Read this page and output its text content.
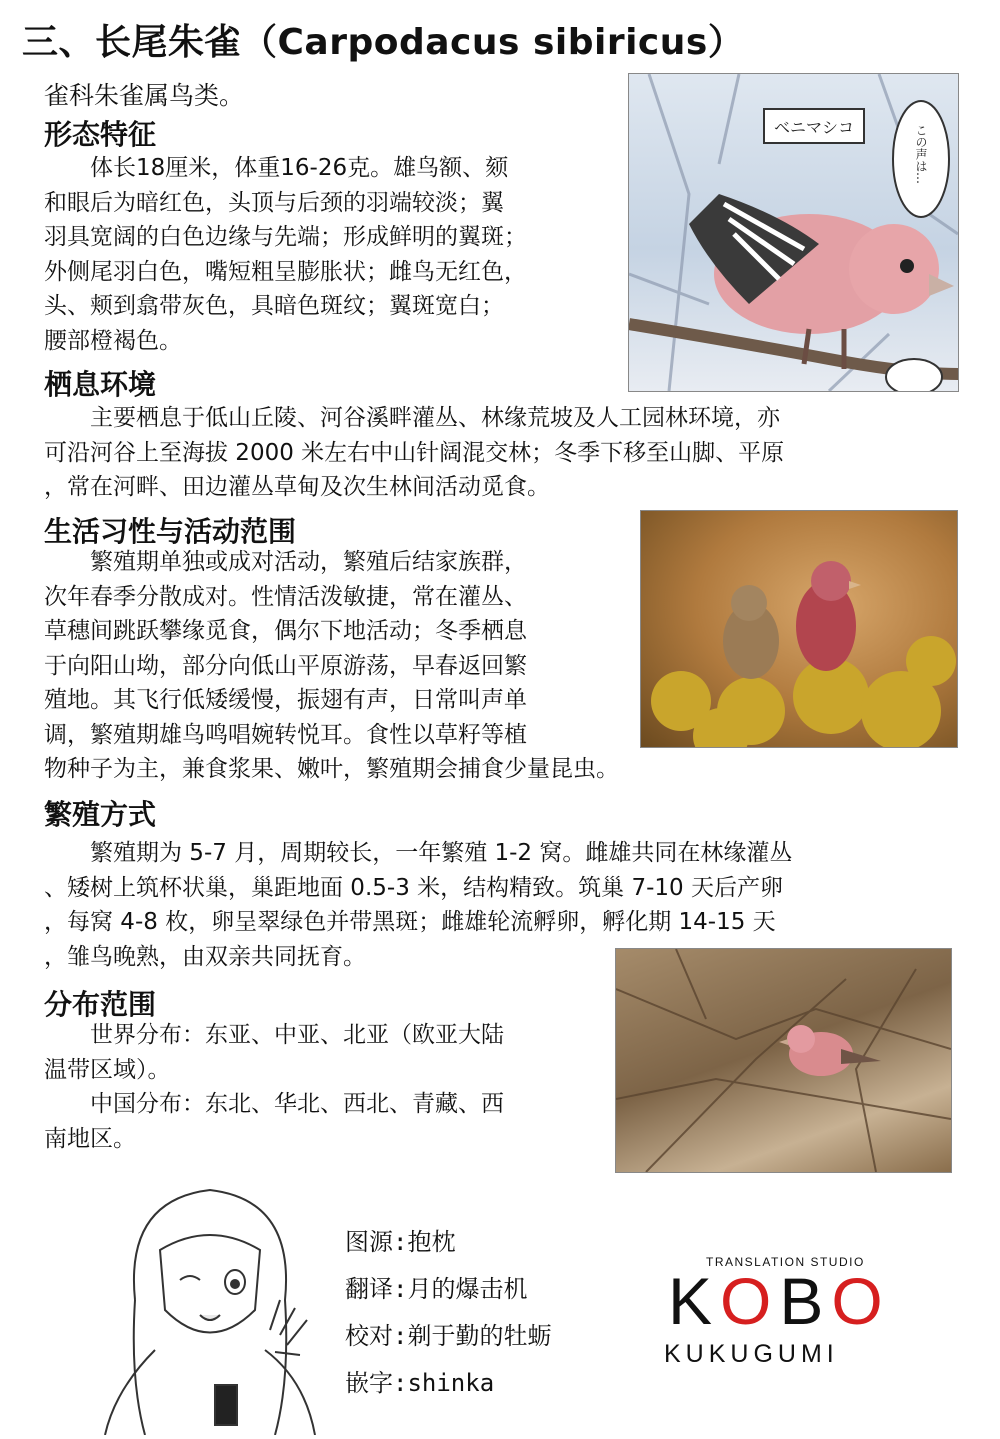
三、长尾朱雀（Carpodacus sibiricus）
雀科朱雀属鸟类。
ベニマシコ	この声は…
形态特征

　　体长18厘米，体重16-26克。雄鸟额、颏
和眼后为暗红色，头顶与后颈的羽端较淡；翼
羽具宽阔的白色边缘与先端；形成鲜明的翼斑；
外侧尾羽白色，嘴短粗呈膨胀状；雌鸟无红色，
头、颊到翕带灰色，具暗色斑纹；翼斑宽白；
腰部橙褐色。

栖息环境

　　主要栖息于低山丘陵、河谷溪畔灌丛、林缘荒坡及人工园林环境，亦
可沿河谷上至海拔 2000 米左右中山针阔混交林；冬季下移至山脚、平原
，常在河畔、田边灌丛草甸及次生林间活动觅食。

生活习性与活动范围

　　繁殖期单独或成对活动，繁殖后结家族群，
次年春季分散成对。性情活泼敏捷，常在灌丛、
草穗间跳跃攀缘觅食，偶尔下地活动；冬季栖息
于向阳山坳，部分向低山平原游荡，早春返回繁
殖地。其飞行低矮缓慢，振翅有声，日常叫声单
调，繁殖期雄鸟鸣唱婉转悦耳。食性以草籽等植
物种子为主，兼食浆果、嫩叶，繁殖期会捕食少量昆虫。

繁殖方式

　　繁殖期为 5-7 月，周期较长，一年繁殖 1-2 窝。雌雄共同在林缘灌丛
、矮树上筑杯状巢，巢距地面 0.5-3 米，结构精致。筑巢 7-10 天后产卵
，每窝 4-8 枚，卵呈翠绿色并带黑斑；雌雄轮流孵卵，孵化期 14-15 天
，雏鸟晚熟，由双亲共同抚育。

分布范围

　　世界分布：东亚、中亚、北亚（欧亚大陆
温带区域）。
　　中国分布：东北、华北、西北、青藏、西
南地区。

图源:抱枕
翻译:月的爆击机
校对:剃于勤的牡蛎
嵌字:shinka
TRANSLATION STUDIO
KOBO
KUKUGUMI
